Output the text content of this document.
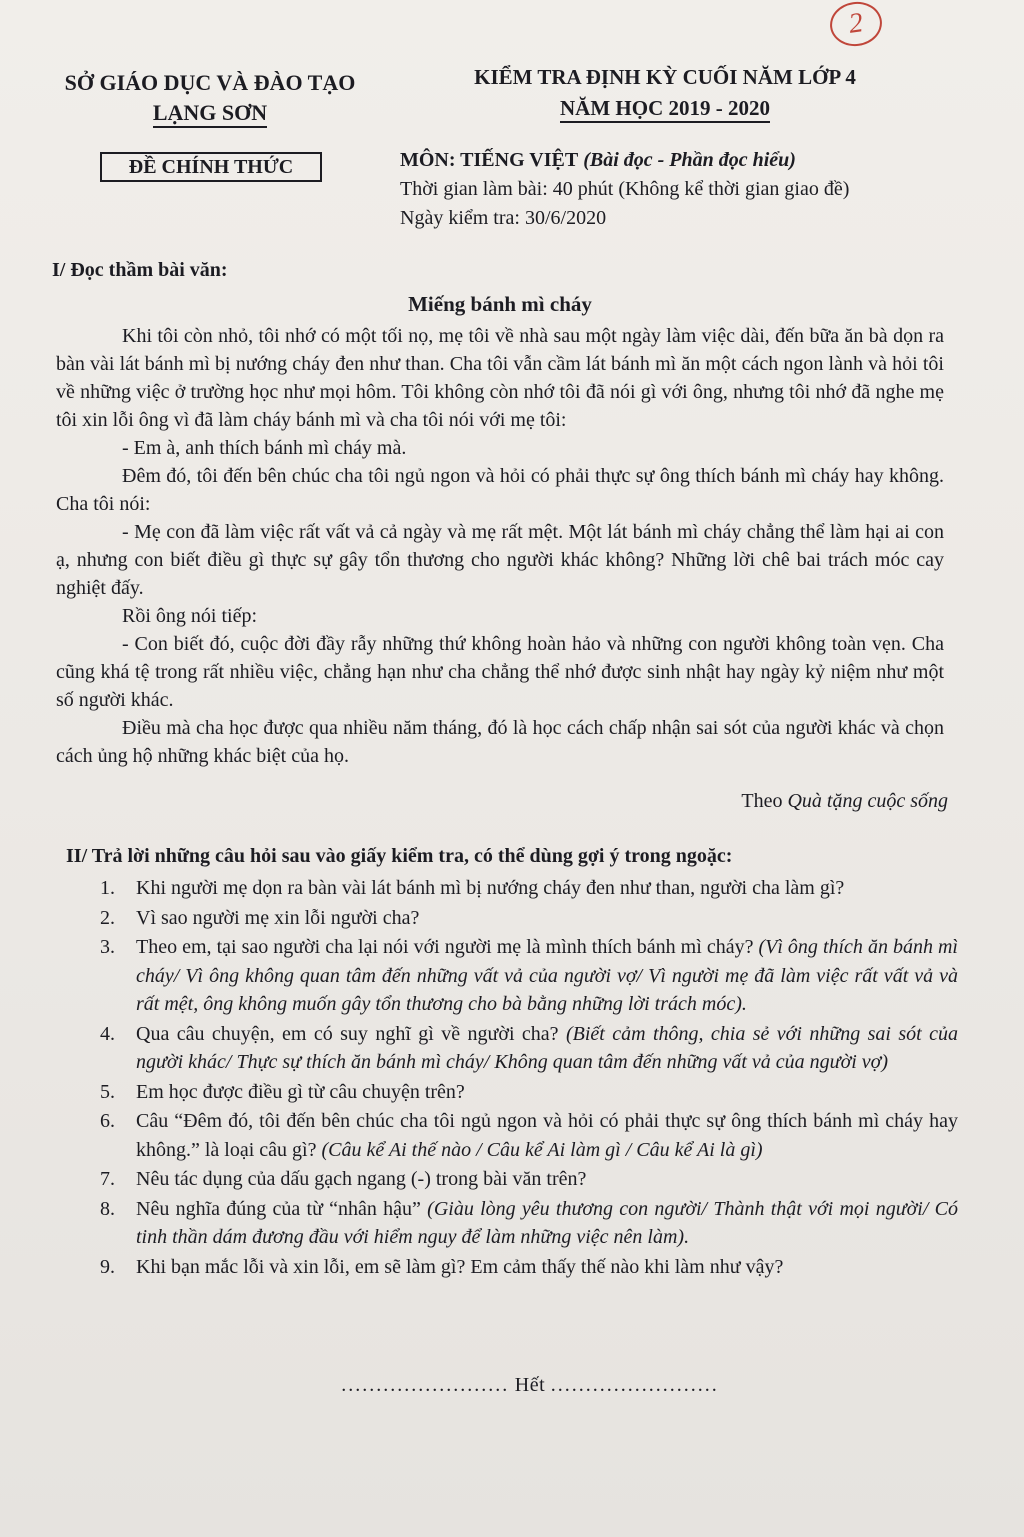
2
SỞ GIÁO DỤC VÀ ĐÀO TẠO
LẠNG SƠN
KIỂM TRA ĐỊNH KỲ CUỐI NĂM LỚP 4
NĂM HỌC 2019 - 2020
ĐỀ CHÍNH THỨC	MÔN: TIẾNG VIỆT (Bài đọc - Phần đọc hiểu)
Thời gian làm bài: 40 phút (Không kể thời gian giao đề)
Ngày kiểm tra: 30/6/2020
I/ Đọc thầm bài văn:
Miếng bánh mì cháy

Khi tôi còn nhỏ, tôi nhớ có một tối nọ, mẹ tôi về nhà sau một ngày làm việc dài, đến bữa ăn bà dọn ra bàn vài lát bánh mì bị nướng cháy đen như than. Cha tôi vẫn cầm lát bánh mì ăn một cách ngon lành và hỏi tôi về những việc ở trường học như mọi hôm. Tôi không còn nhớ tôi đã nói gì với ông, nhưng tôi nhớ đã nghe mẹ tôi xin lỗi ông vì đã làm cháy bánh mì và cha tôi nói với mẹ tôi:

- Em à, anh thích bánh mì cháy mà.

Đêm đó, tôi đến bên chúc cha tôi ngủ ngon và hỏi có phải thực sự ông thích bánh mì cháy hay không. Cha tôi nói:

- Mẹ con đã làm việc rất vất vả cả ngày và mẹ rất mệt. Một lát bánh mì cháy chẳng thể làm hại ai con ạ, nhưng con biết điều gì thực sự gây tổn thương cho người khác không? Những lời chê bai trách móc cay nghiệt đấy.

Rồi ông nói tiếp:

- Con biết đó, cuộc đời đầy rẫy những thứ không hoàn hảo và những con người không toàn vẹn. Cha cũng khá tệ trong rất nhiều việc, chẳng hạn như cha chẳng thể nhớ được sinh nhật hay ngày kỷ niệm như một số người khác.

Điều mà cha học được qua nhiều năm tháng, đó là học cách chấp nhận sai sót của người khác và chọn cách ủng hộ những khác biệt của họ.

Theo Quà tặng cuộc sống
II/ Trả lời những câu hỏi sau vào giấy kiểm tra, có thể dùng gợi ý trong ngoặc:
1.	Khi người mẹ dọn ra bàn vài lát bánh mì bị nướng cháy đen như than, người cha làm gì?
2.	Vì sao người mẹ xin lỗi người cha?
3.	Theo em, tại sao người cha lại nói với người mẹ là mình thích bánh mì cháy? (Vì ông thích ăn bánh mì cháy/ Vì ông không quan tâm đến những vất vả của người vợ/ Vì người mẹ đã làm việc rất vất vả và rất mệt, ông không muốn gây tổn thương cho bà bằng những lời trách móc).
4.	Qua câu chuyện, em có suy nghĩ gì về người cha? (Biết cảm thông, chia sẻ với những sai sót của người khác/ Thực sự thích ăn bánh mì cháy/ Không quan tâm đến những vất vả của người vợ)
5.	Em học được điều gì từ câu chuyện trên?
6.	Câu “Đêm đó, tôi đến bên chúc cha tôi ngủ ngon và hỏi có phải thực sự ông thích bánh mì cháy hay không.” là loại câu gì? (Câu kể Ai thế nào / Câu kể Ai làm gì / Câu kể Ai là gì)
7.	Nêu tác dụng của dấu gạch ngang (-) trong bài văn trên?
8.	Nêu nghĩa đúng của từ “nhân hậu” (Giàu lòng yêu thương con người/ Thành thật với mọi người/ Có tinh thần dám đương đầu với hiểm nguy để làm những việc nên làm).
9.	Khi bạn mắc lỗi và xin lỗi, em sẽ làm gì? Em cảm thấy thế nào khi làm như vậy?
........................ Hết ........................
